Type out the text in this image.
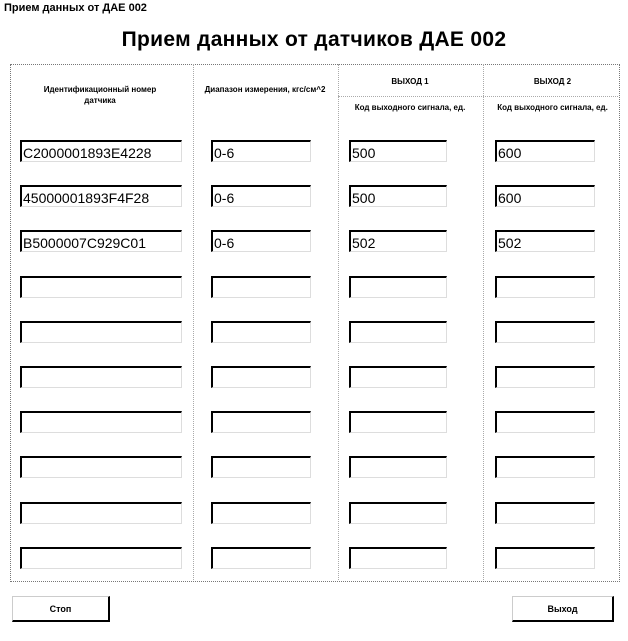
Прием данных от ДАЕ 002
Прием данных от датчиков ДАЕ 002
Идентификационный номер датчика
Диапазон измерения, кгс/см^2
ВЫХОД 1
Код выходного сигнала, ед.
ВЫХОД 2
Код выходного сигнала, ед.
C2000001893E4228
0-6
500
600
45000001893F4F28
0-6
500
600
B5000007C929C01
0-6
502
502
Стоп	Выход
